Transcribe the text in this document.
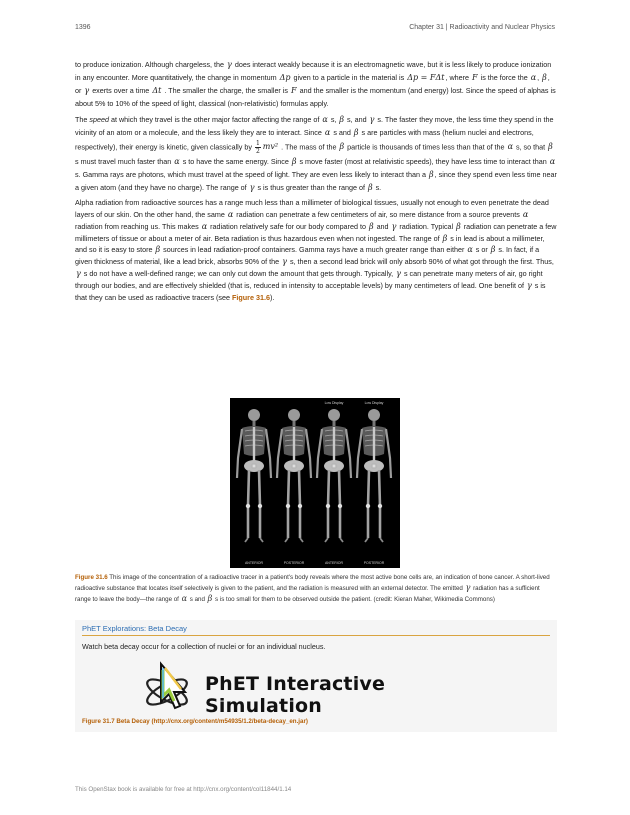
1396	Chapter 31 | Radioactivity and Nuclear Physics

to produce ionization. Although chargeless, the γ does interact weakly because it is an electromagnetic wave, but it is less likely to produce ionization in any encounter. More quantitatively, the change in momentum Δp given to a particle in the material is Δp = FΔt, where F is the force the α, β, or γ exerts over a time Δt . The smaller the charge, the smaller is F and the smaller is the momentum (and energy) lost. Since the speed of alphas is about 5% to 10% of the speed of light, classical (non-relativistic) formulas apply.

The speed at which they travel is the other major factor affecting the range of α s, β s, and γ s. The faster they move, the less time they spend in the vicinity of an atom or a molecule, and the less likely they are to interact. Since α s and β s are particles with mass (helium nuclei and electrons, respectively), their energy is kinetic, given classically by $\frac{1}{2} mv^2$ . The mass of the β particle is thousands of times less than that of the α s, so that β s must travel much faster than α s to have the same energy. Since β s move faster (most at relativistic speeds), they have less time to interact than α s. Gamma rays are photons, which must travel at the speed of light. They are even less likely to interact than a β, since they spend even less time near a given atom (and they have no charge). The range of γ s is thus greater than the range of β s.

Alpha radiation from radioactive sources has a range much less than a millimeter of biological tissues, usually not enough to even penetrate the dead layers of our skin. On the other hand, the same α radiation can penetrate a few centimeters of air, so mere distance from a source prevents α radiation from reaching us. This makes α radiation relatively safe for our body compared to β and γ radiation. Typical β radiation can penetrate a few millimeters of tissue or about a meter of air. Beta radiation is thus hazardous even when not ingested. The range of β s in lead is about a millimeter, and so it is easy to store β sources in lead radiation-proof containers. Gamma rays have a much greater range than either α s or β s. In fact, if a given thickness of material, like a lead brick, absorbs 90% of the γ s, then a second lead brick will only absorb 90% of what got through the first. Thus, γ s do not have a well-defined range; we can only cut down the amount that gets through. Typically, γ s can penetrate many meters of air, go right through our bodies, and are effectively shielded (that is, reduced in intensity to acceptable levels) by many centimeters of lead. One benefit of γ s is that they can be used as radioactive tracers (see Figure 31.6).

Low Display	Low Display
ANTERIOR	POSTERIOR	ANTERIOR	POSTERIOR
Figure 31.6 This image of the concentration of a radioactive tracer in a patient's body reveals where the most active bone cells are, an indication of bone cancer. A short-lived radioactive substance that locates itself selectively is given to the patient, and the radiation is measured with an external detector. The emitted γ radiation has a sufficient range to leave the body—the range of α s and β s is too small for them to be observed outside the patient. (credit: Kieran Maher, Wikimedia Commons)
PhET Explorations: Beta Decay
Watch beta decay occur for a collection of nuclei or for an individual nucleus.
PhET Interactive Simulation
Figure 31.7 Beta Decay (http://cnx.org/content/m54935/1.2/beta-decay_en.jar)
This OpenStax book is available for free at http://cnx.org/content/col11844/1.14
